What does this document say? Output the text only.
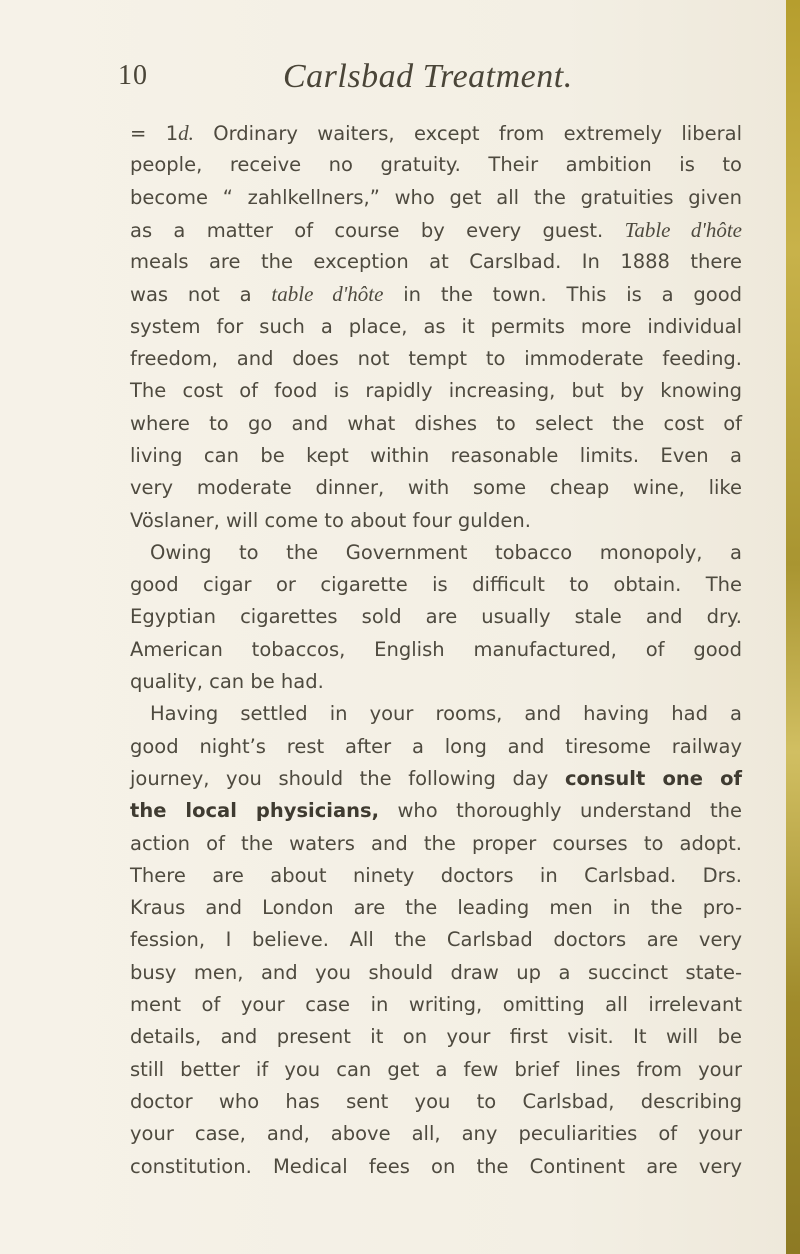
10	Carlsbad Treatment.
= 1d. Ordinary waiters, except from extremely liberal
people, receive no gratuity. Their ambition is to
become “ zahlkellners,” who get all the gratuities given
as a matter of course by every guest. Table d'hôte
meals are the exception at Carslbad. In 1888 there
was not a table d'hôte in the town. This is a good
system for such a place, as it permits more individual
freedom, and does not tempt to immoderate feeding.
The cost of food is rapidly increasing, but by knowing
where to go and what dishes to select the cost of
living can be kept within reasonable limits. Even a
very moderate dinner, with some cheap wine, like
Vöslaner, will come to about four gulden.
Owing to the Government tobacco monopoly, a
good cigar or cigarette is difficult to obtain. The
Egyptian cigarettes sold are usually stale and dry.
American tobaccos, English manufactured, of good
quality, can be had.
Having settled in your rooms, and having had a
good night’s rest after a long and tiresome railway
journey, you should the following day consult one of
the local physicians, who thoroughly understand the
action of the waters and the proper courses to adopt.
There are about ninety doctors in Carlsbad. Drs.
Kraus and London are the leading men in the pro-
fession, I believe. All the Carlsbad doctors are very
busy men, and you should draw up a succinct state-
ment of your case in writing, omitting all irrelevant
details, and present it on your first visit. It will be
still better if you can get a few brief lines from your
doctor who has sent you to Carlsbad, describing
your case, and, above all, any peculiarities of your
constitution. Medical fees on the Continent are very
